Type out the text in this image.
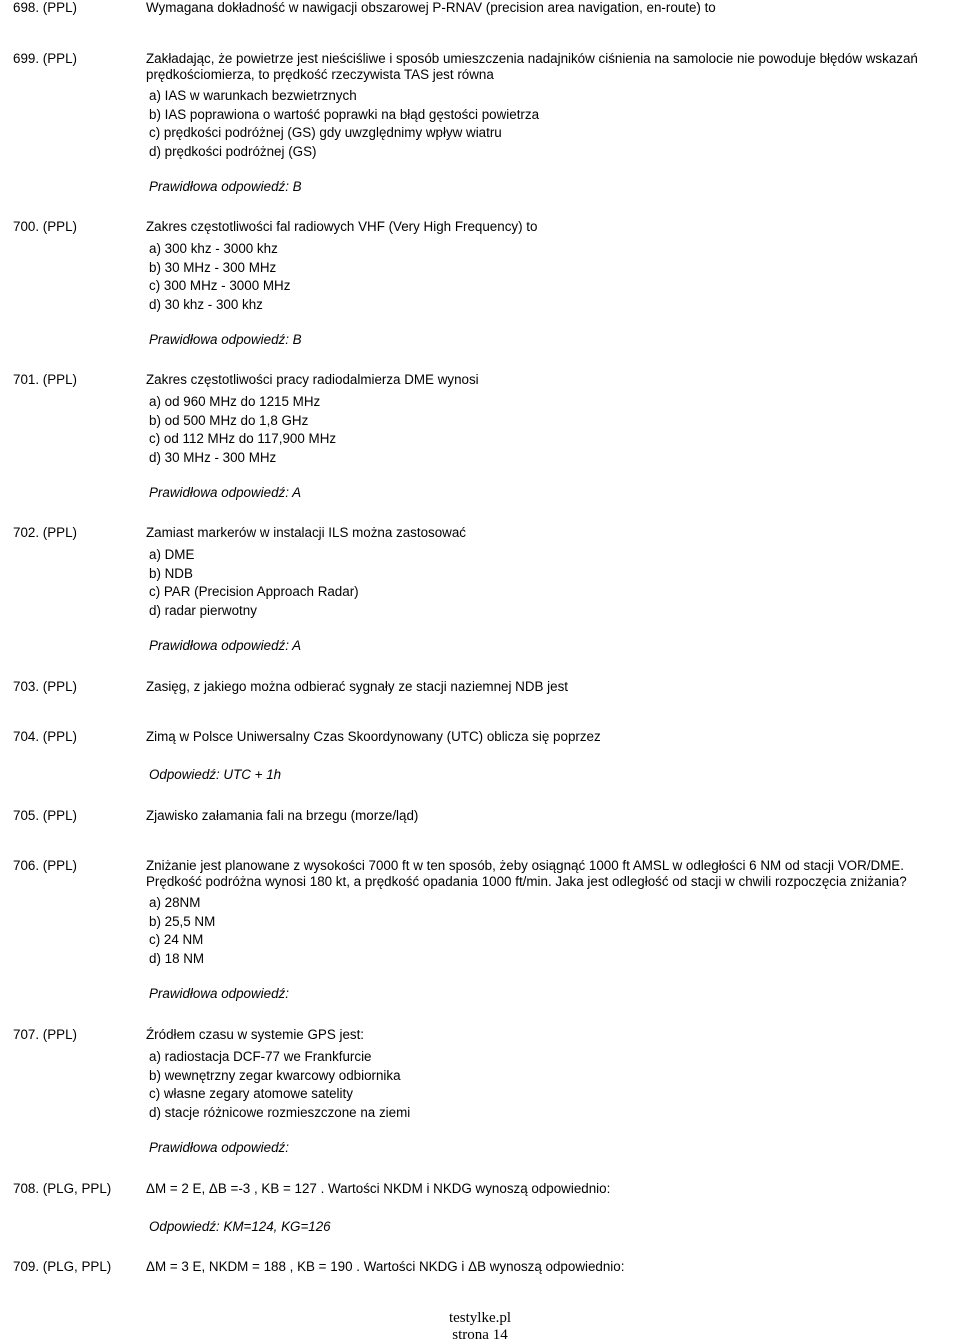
698. (PPL)	Wymagana dokładność w nawigacji obszarowej P-RNAV (precision area navigation, en-route) to
699. (PPL)	Zakładając, że powietrze jest nieściśliwe i sposób umieszczenia nadajników ciśnienia na samolocie nie powoduje błędów wskazań prędkościomierza, to prędkość rzeczywista TAS jest równa
a) IAS w warunkach bezwietrznych
b) IAS poprawiona o wartość poprawki na błąd gęstości powietrza
c) prędkości podróżnej (GS) gdy uwzględnimy wpływ wiatru
d) prędkości podróżnej (GS)
Prawidłowa odpowiedź: B
700. (PPL)	Zakres częstotliwości fal radiowych VHF (Very High Frequency) to
a) 300 khz - 3000 khz
b) 30 MHz - 300 MHz
c) 300 MHz - 3000 MHz
d) 30 khz - 300 khz
Prawidłowa odpowiedź: B
701. (PPL)	Zakres częstotliwości pracy radiodalmierza DME wynosi
a) od 960 MHz do 1215 MHz
b) od 500 MHz do 1,8 GHz
c) od 112 MHz do 117,900 MHz
d) 30 MHz - 300 MHz
Prawidłowa odpowiedź: A
702. (PPL)	Zamiast markerów w instalacji ILS można zastosować
a) DME
b) NDB
c) PAR (Precision Approach Radar)
d) radar pierwotny
Prawidłowa odpowiedź: A
703. (PPL)	Zasięg, z jakiego można odbierać sygnały ze stacji naziemnej NDB jest
704. (PPL)	Zimą w Polsce Uniwersalny Czas Skoordynowany (UTC) oblicza się poprzez
Odpowiedź: UTC + 1h
705. (PPL)	Zjawisko załamania fali na brzegu (morze/ląd)
706. (PPL)	Zniżanie jest planowane z wysokości 7000 ft w ten sposób, żeby osiągnąć 1000 ft AMSL w odległości 6 NM od stacji VOR/DME. Prędkość podróżna wynosi 180 kt, a prędkość opadania 1000 ft/min. Jaka jest odległość od stacji w chwili rozpoczęcia zniżania?
a) 28NM
b) 25,5 NM
c) 24 NM
d) 18 NM
Prawidłowa odpowiedź:
707. (PPL)	Źródłem czasu w systemie GPS jest:
a) radiostacja DCF-77 we Frankfurcie
b) wewnętrzny zegar kwarcowy odbiornika
c) własne zegary atomowe satelity
d) stacje różnicowe rozmieszczone na ziemi
Prawidłowa odpowiedź:
708. (PLG, PPL)	ΔM = 2 E, ΔB =-3 , KB = 127 . Wartości NKDM i NKDG wynoszą odpowiednio:
Odpowiedź: KM=124, KG=126
709. (PLG, PPL)	ΔM = 3 E, NKDM = 188 , KB = 190 . Wartości NKDG i ΔB wynoszą odpowiednio:
testylke.pl
strona 14
